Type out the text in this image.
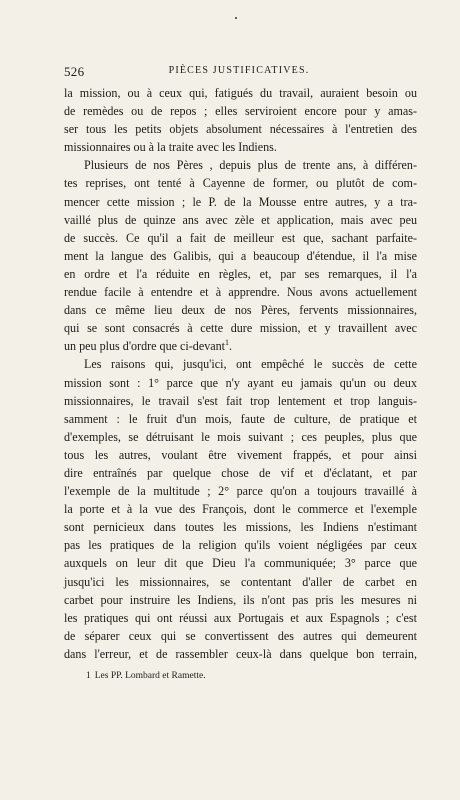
526	PIÈCES JUSTIFICATIVES.

la mission, ou à ceux qui, fatigués du travail, auraient besoin ou
de remèdes ou de repos ; elles serviroient encore pour y amas-
ser tous les petits objets absolument nécessaires à l'entretien des
missionnaires ou à la traite avec les Indiens.

Plusieurs de nos Pères , depuis plus de trente ans, à différen-
tes reprises, ont tenté à Cayenne de former, ou plutôt de com-
mencer cette mission ; le P. de la Mousse entre autres, y a tra-
vaillé plus de quinze ans avec zèle et application, mais avec peu
de succès. Ce qu'il a fait de meilleur est que, sachant parfaite-
ment la langue des Galibis, qui a beaucoup d'étendue, il l'a mise
en ordre et l'a réduite en règles, et, par ses remarques, il l'a
rendue facile à entendre et à apprendre. Nous avons actuellement
dans ce même lieu deux de nos Pères, fervents missionnaires,
qui se sont consacrés à cette dure mission, et y travaillent avec
un peu plus d'ordre que ci-devant$^1$.

Les raisons qui, jusqu'ici, ont empêché le succès de cette
mission sont : 1° parce que n'y ayant eu jamais qu'un ou deux
missionnaires, le travail s'est fait trop lentement et trop languis-
samment : le fruit d'un mois, faute de culture, de pratique et
d'exemples, se détruisant le mois suivant ; ces peuples, plus que
tous les autres, voulant être vivement frappés, et pour ainsi
dire entraînés par quelque chose de vif et d'éclatant, et par
l'exemple de la multitude ; 2° parce qu'on a toujours travaillé à
la porte et à la vue des François, dont le commerce et l'exemple
sont pernicieux dans toutes les missions, les Indiens n'estimant
pas les pratiques de la religion qu'ils voient négligées par ceux
auxquels on leur dit que Dieu l'a communiquée; 3° parce que
jusqu'ici les missionnaires, se contentant d'aller de carbet en
carbet pour instruire les Indiens, ils n'ont pas pris les mesures ni
les pratiques qui ont réussi aux Portugais et aux Espagnols ; c'est
de séparer ceux qui se convertissent des autres qui demeurent
dans l'erreur, et de rassembler ceux-là dans quelque bon terrain,

1 Les PP. Lombard et Ramette.
